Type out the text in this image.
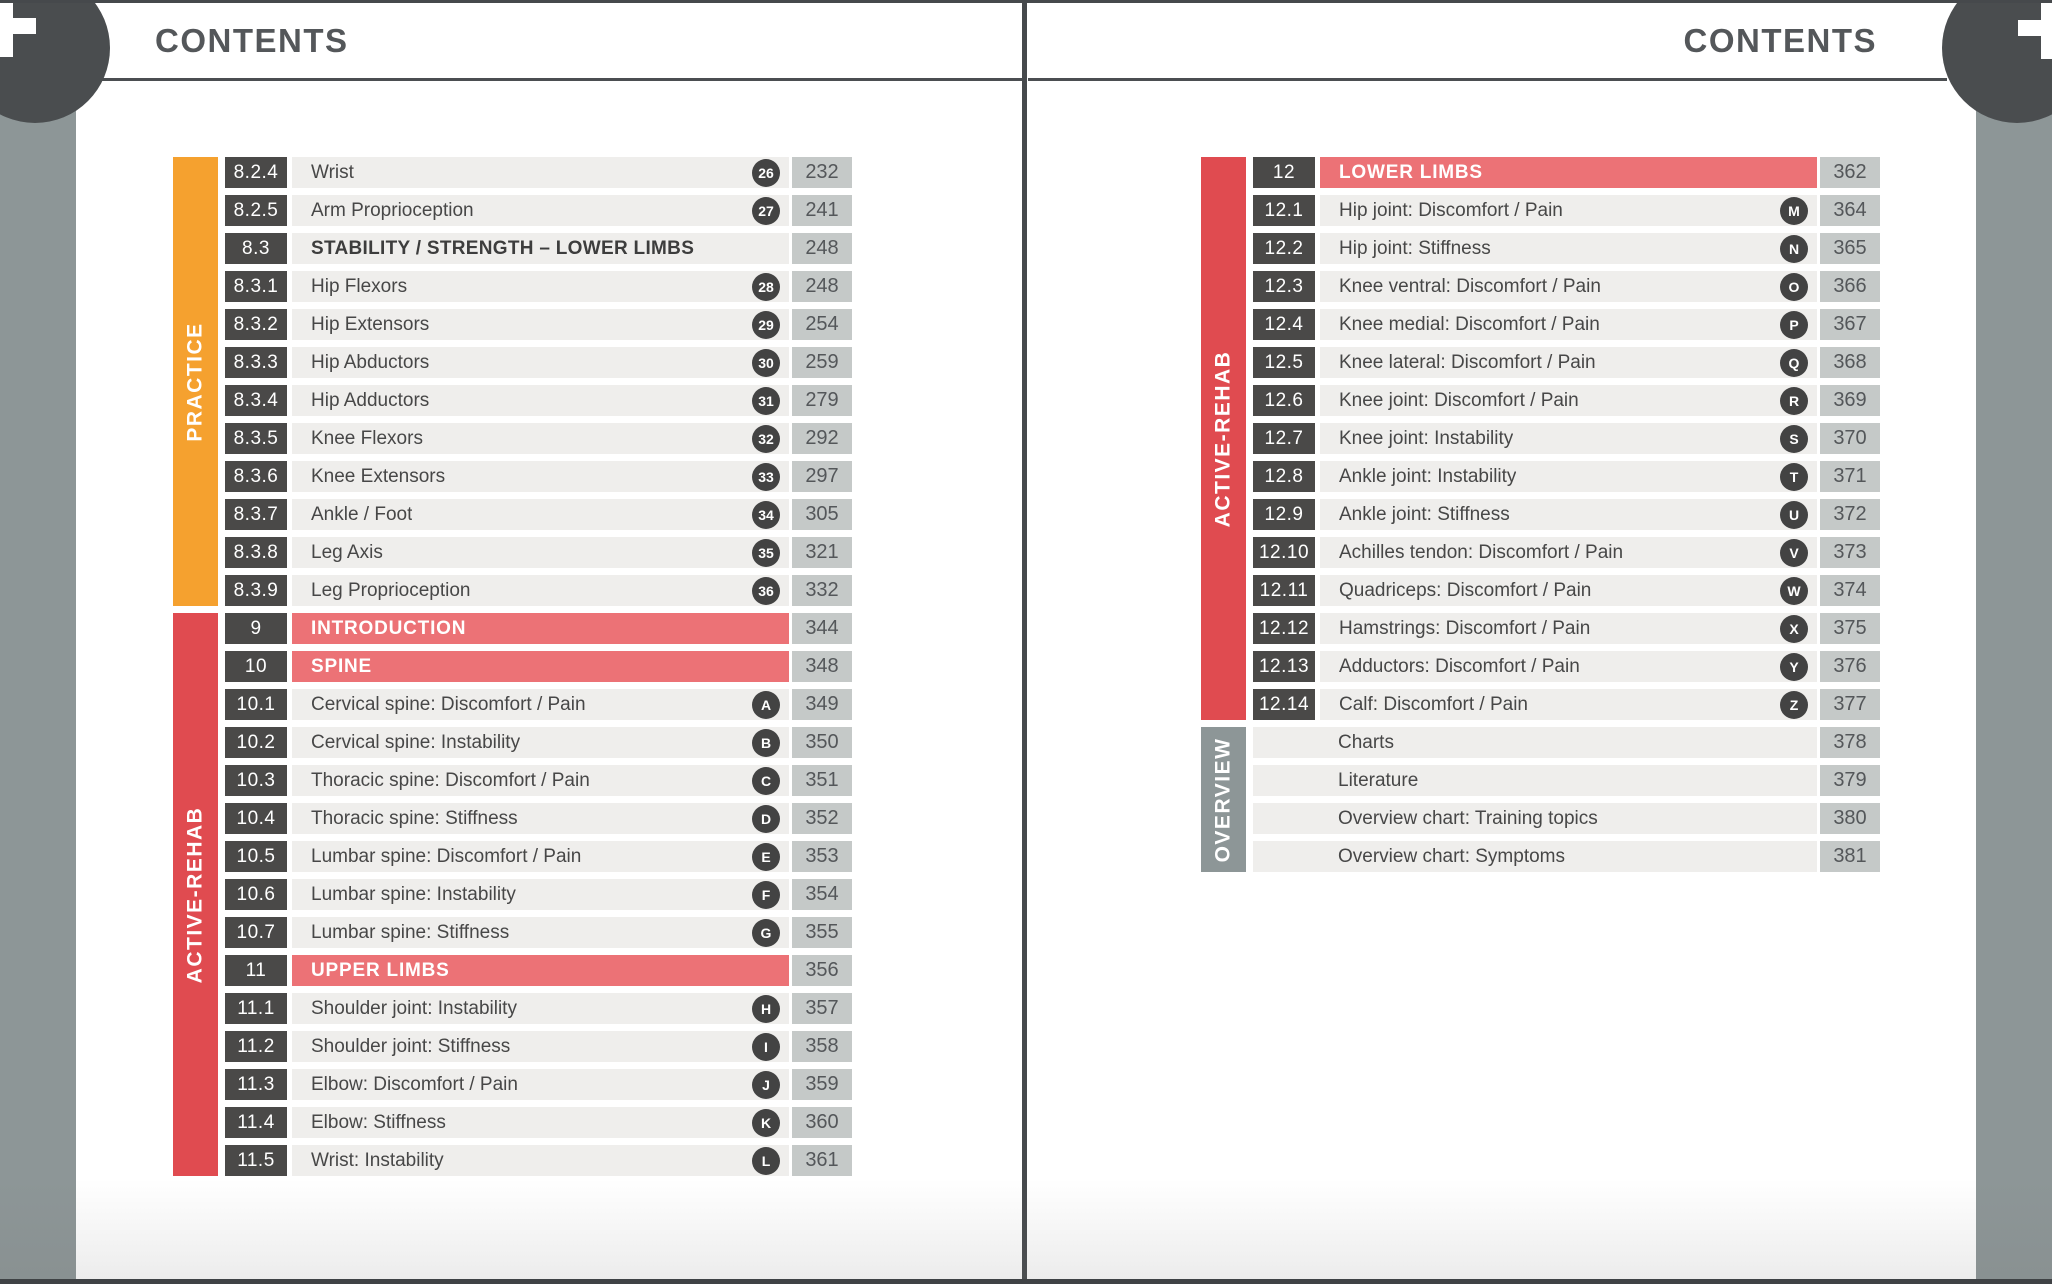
CONTENTS
8.2.4	Wrist	26	232
8.2.5	Arm Proprioception	27	241
8.3	STABILITY / STRENGTH – LOWER LIMBS	248
8.3.1	Hip Flexors	28	248
8.3.2	Hip Extensors	29	254
8.3.3	Hip Abductors	30	259
8.3.4	Hip Adductors	31	279
8.3.5	Knee Flexors	32	292
8.3.6	Knee Extensors	33	297
8.3.7	Ankle / Foot	34	305
8.3.8	Leg Axis	35	321
8.3.9	Leg Proprioception	36	332
9	INTRODUCTION	344
10	SPINE	348
10.1	Cervical spine: Discomfort / Pain	A	349
10.2	Cervical spine: Instability	B	350
10.3	Thoracic spine: Discomfort / Pain	C	351
10.4	Thoracic spine: Stiffness	D	352
10.5	Lumbar spine: Discomfort / Pain	E	353
10.6	Lumbar spine: Instability	F	354
10.7	Lumbar spine: Stiffness	G	355
11	UPPER LIMBS	356
11.1	Shoulder joint: Instability	H	357
11.2	Shoulder joint: Stiffness	I	358
11.3	Elbow: Discomfort / Pain	J	359
11.4	Elbow: Stiffness	K	360
11.5	Wrist: Instability	L	361
PRACTICE
ACTIVE-REHAB
CONTENTS
12	LOWER LIMBS	362
12.1	Hip joint: Discomfort / Pain	M	364
12.2	Hip joint: Stiffness	N	365
12.3	Knee ventral: Discomfort / Pain	O	366
12.4	Knee medial: Discomfort / Pain	P	367
12.5	Knee lateral: Discomfort / Pain	Q	368
12.6	Knee joint: Discomfort / Pain	R	369
12.7	Knee joint: Instability	S	370
12.8	Ankle joint: Instability	T	371
12.9	Ankle joint: Stiffness	U	372
12.10	Achilles tendon: Discomfort / Pain	V	373
12.11	Quadriceps: Discomfort / Pain	W	374
12.12	Hamstrings: Discomfort / Pain	X	375
12.13	Adductors: Discomfort / Pain	Y	376
12.14	Calf: Discomfort / Pain	Z	377
Charts	378
Literature	379
Overview chart: Training topics	380
Overview chart: Symptoms	381
ACTIVE-REHAB
OVERVIEW
